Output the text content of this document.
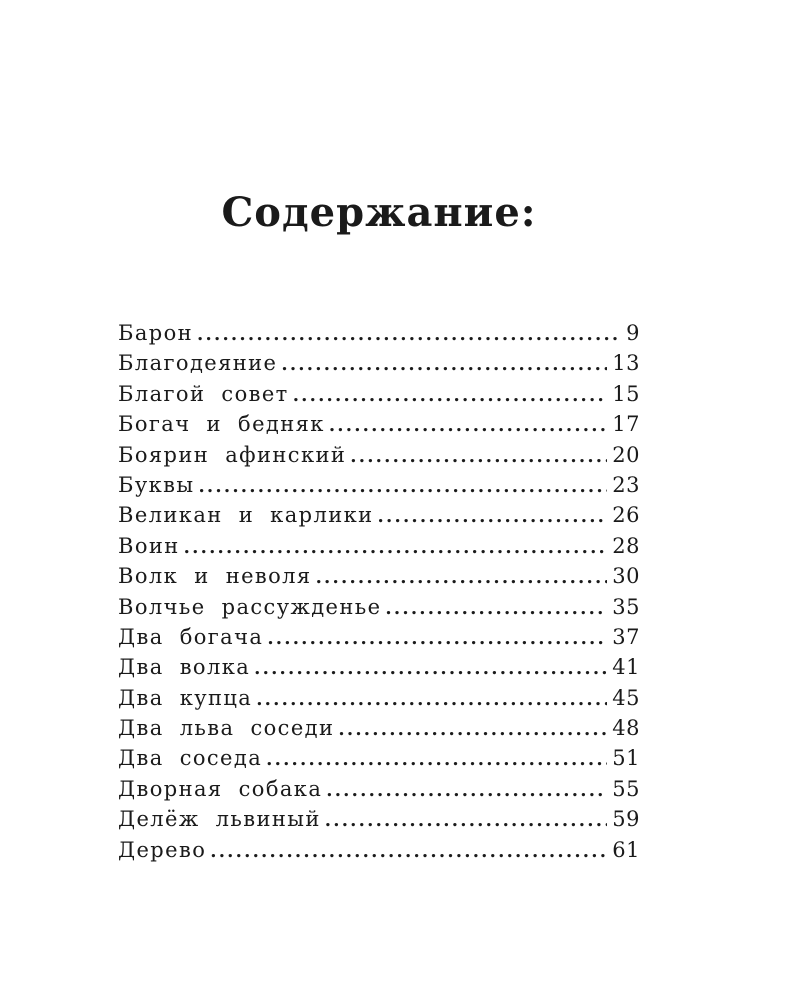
Содержание:
Барон .....	9
Благодеяние .....	13
Благой совет .....	15
Богач и бедняк .....	17
Боярин афинский .....	20
Буквы .....	23
Великан и карлики .....	26
Воин .....	28
Волк и неволя .....	30
Волчье рассужденье .....	35
Два богача .....	37
Два волка .....	41
Два купца .....	45
Два льва соседи .....	48
Два соседа .....	51
Дворная собака .....	55
Делёж львиный .....	59
Дерево .....	61
